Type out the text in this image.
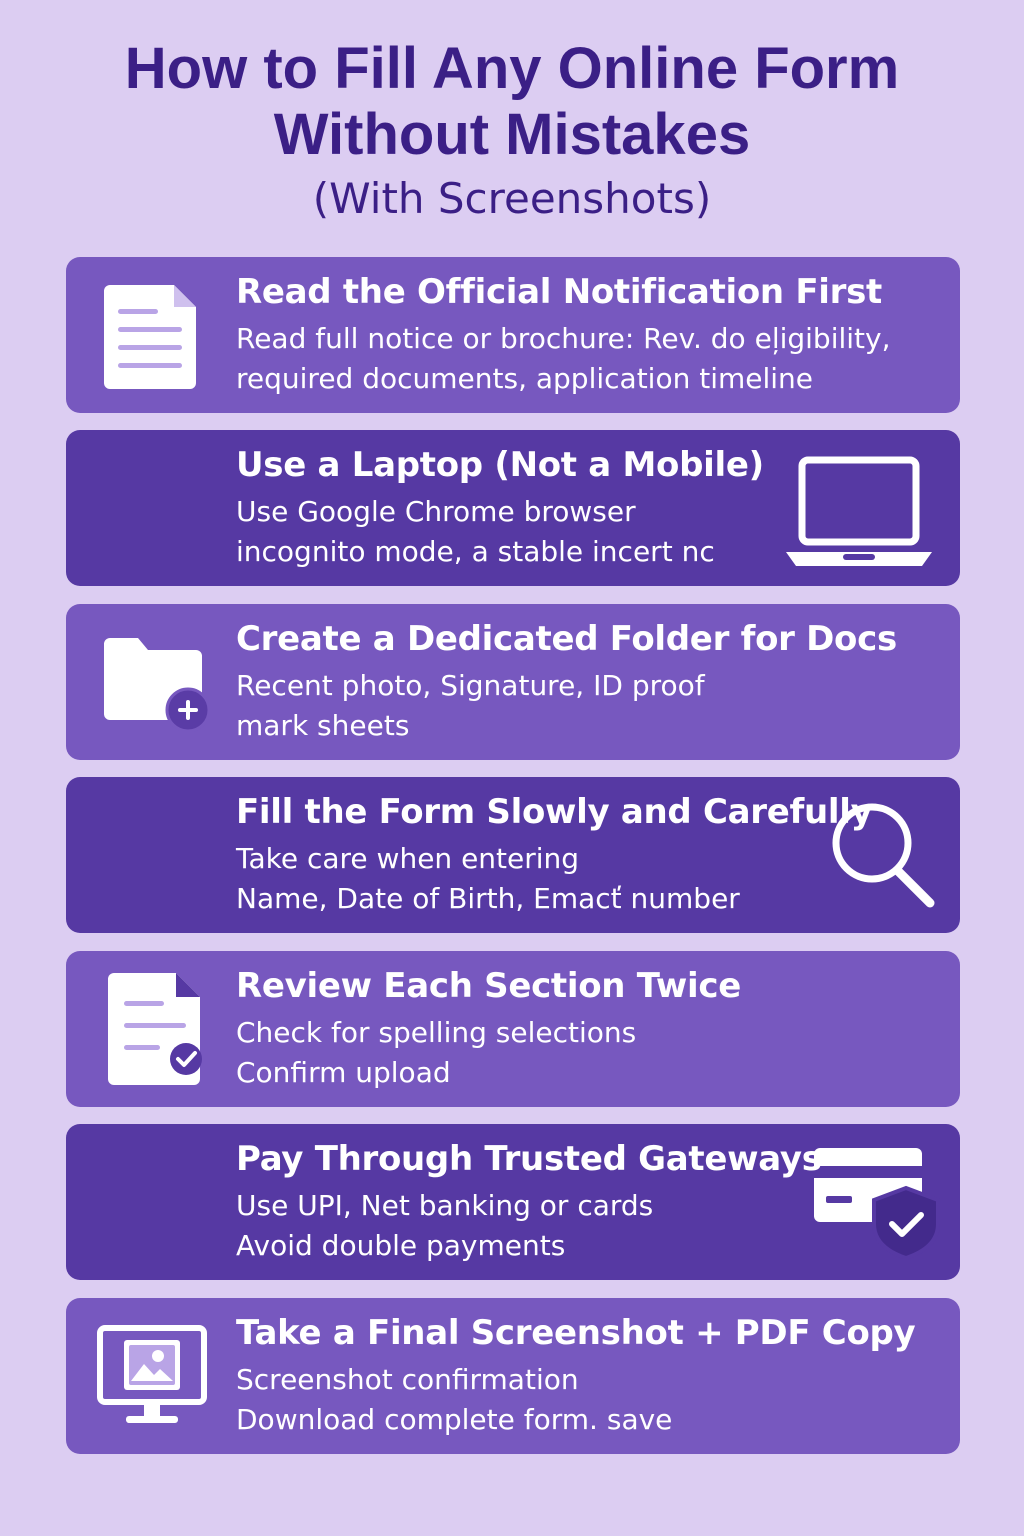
How to Fill Any Online Form
Without Mistakes
(With Screenshots)
Read the Official Notification First
Read full notice or brochure: Rev. do eļigibility,
required documents, application timeline
Use a Laptop (Not a Mobile)
Use Google Chrome browser
incognito mode, a stable incert nc
Create a Dedicated Folder for Docs
Recent photo, Signature, ID proof
mark sheets
Fill the Form Slowly and Carefully
Take care when entering
Name, Date of Birth, Emacť number
Review Each Section Twice
Check for spelling selections
Confirm upload
Pay Through Trusted Gateways
Use UPI, Net banking or cards
Avoid double payments
Take a Final Screenshot + PDF Copy
Screenshot confirmation
Download complete form. save
